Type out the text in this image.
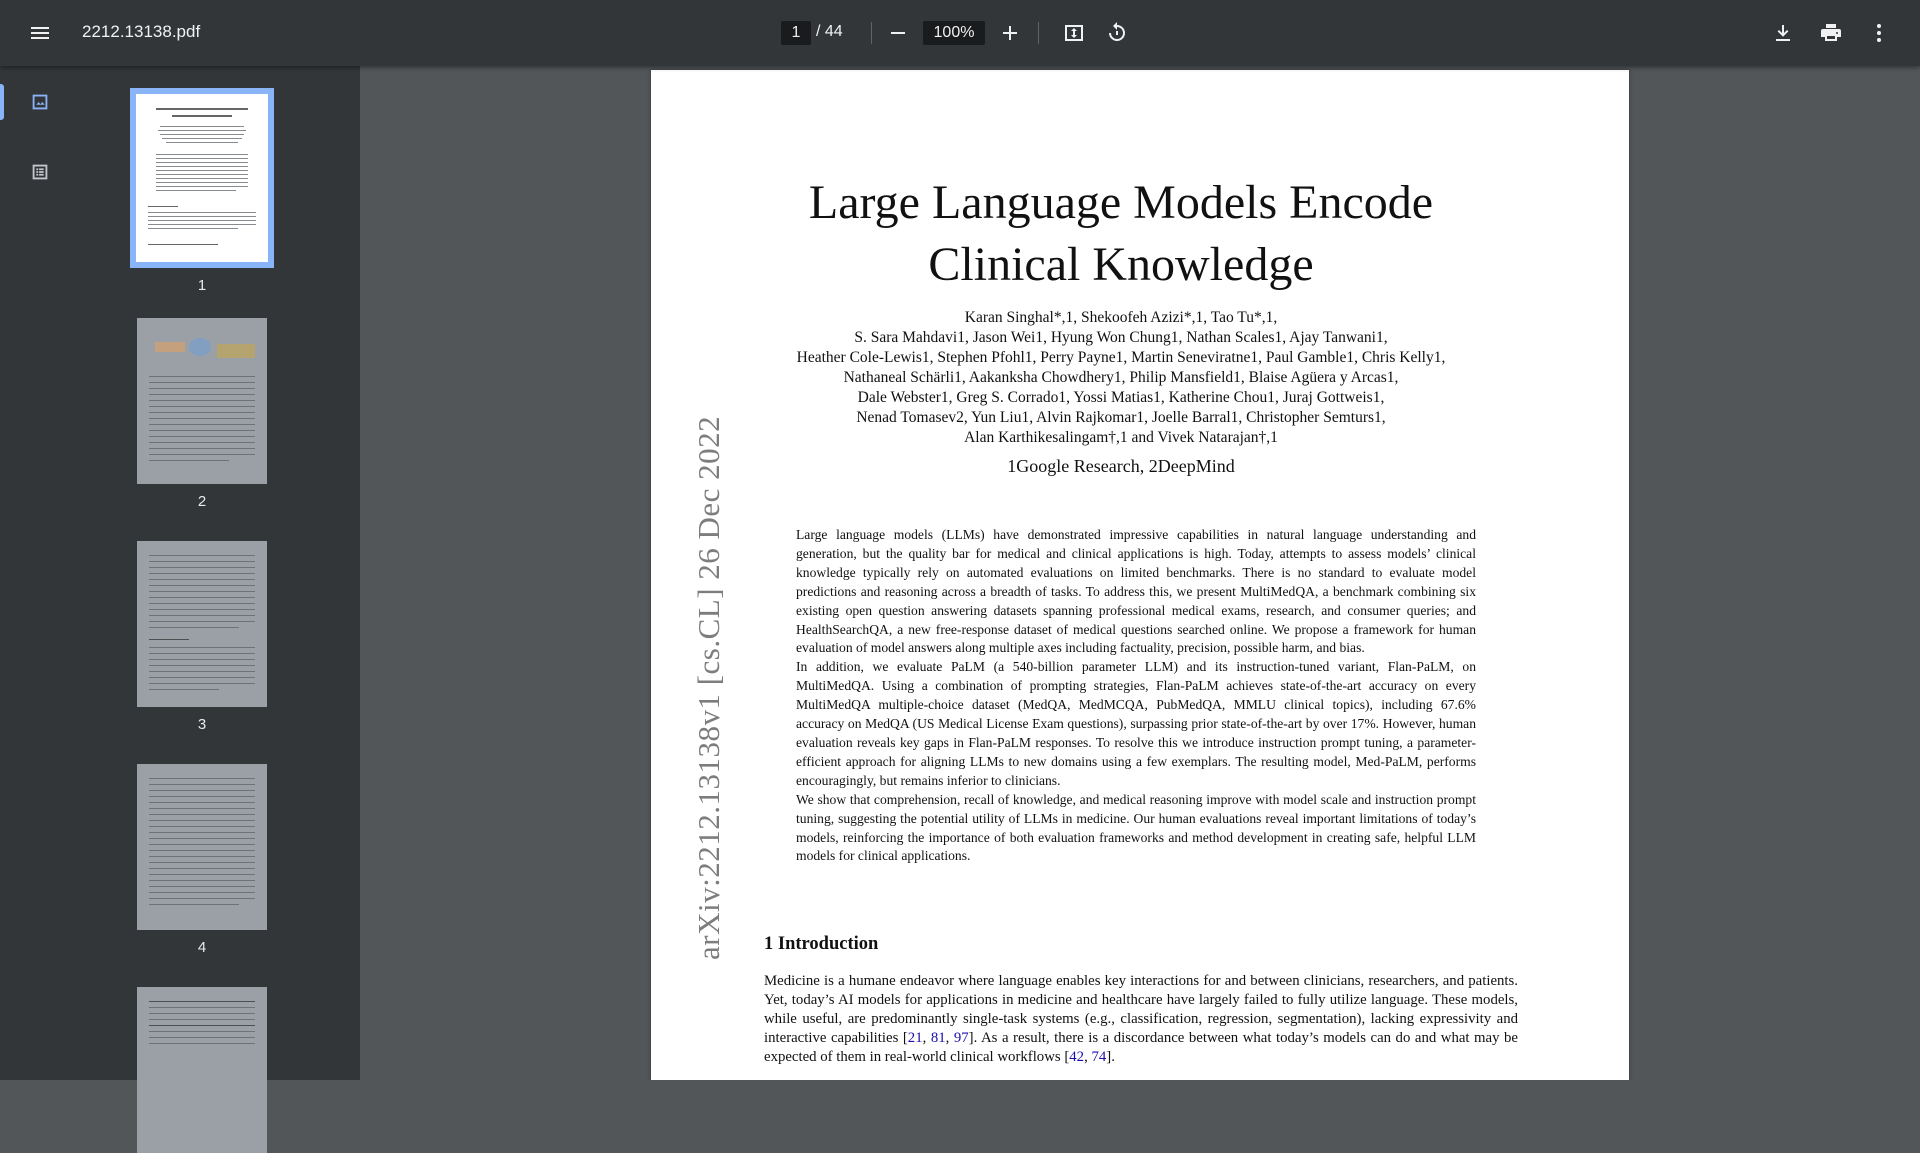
2212.13138.pdf	1 / 44	100%
1
2
3
4	arXiv:2212.13138v1 [cs.CL] 26 Dec 2022
Large Language Models Encode
Clinical Knowledge
Karan Singhal*,1, Shekoofeh Azizi*,1, Tao Tu*,1,
S. Sara Mahdavi1, Jason Wei1, Hyung Won Chung1, Nathan Scales1, Ajay Tanwani1,
Heather Cole-Lewis1, Stephen Pfohl1, Perry Payne1, Martin Seneviratne1, Paul Gamble1, Chris Kelly1,
Nathaneal Schärli1, Aakanksha Chowdhery1, Philip Mansfield1, Blaise Agüera y Arcas1,
Dale Webster1, Greg S. Corrado1, Yossi Matias1, Katherine Chou1, Juraj Gottweis1,
Nenad Tomasev2, Yun Liu1, Alvin Rajkomar1, Joelle Barral1, Christopher Semturs1,
Alan Karthikesalingam†,1 and Vivek Natarajan†,1
1Google Research, 2DeepMind

Large language models (LLMs) have demonstrated impressive capabilities in natural language understanding and generation, but the quality bar for medical and clinical applications is high. Today, attempts to assess models’ clinical knowledge typically rely on automated evaluations on limited benchmarks. There is no standard to evaluate model predictions and reasoning across a breadth of tasks. To address this, we present MultiMedQA, a benchmark combining six existing open question answering datasets spanning professional medical exams, research, and consumer queries; and HealthSearchQA, a new free-response dataset of medical questions searched online. We propose a framework for human evaluation of model answers along multiple axes including factuality, precision, possible harm, and bias.

In addition, we evaluate PaLM (a 540-billion parameter LLM) and its instruction-tuned variant, Flan-PaLM, on MultiMedQA. Using a combination of prompting strategies, Flan-PaLM achieves state-of-the-art accuracy on every MultiMedQA multiple-choice dataset (MedQA, MedMCQA, PubMedQA, MMLU clinical topics), including 67.6% accuracy on MedQA (US Medical License Exam questions), surpassing prior state-of-the-art by over 17%. However, human evaluation reveals key gaps in Flan-PaLM responses. To resolve this we introduce instruction prompt tuning, a parameter-efficient approach for aligning LLMs to new domains using a few exemplars. The resulting model, Med-PaLM, performs encouragingly, but remains inferior to clinicians.

We show that comprehension, recall of knowledge, and medical reasoning improve with model scale and instruction prompt tuning, suggesting the potential utility of LLMs in medicine. Our human evaluations reveal important limitations of today’s models, reinforcing the importance of both evaluation frameworks and method development in creating safe, helpful LLM models for clinical applications.

1 Introduction
Medicine is a humane endeavor where language enables key interactions for and between clinicians, researchers, and patients. Yet, today’s AI models for applications in medicine and healthcare have largely failed to fully utilize language. These models, while useful, are predominantly single-task systems (e.g., classification, regression, segmentation), lacking expressivity and interactive capabilities [21, 81, 97]. As a result, there is a discordance between what today’s models can do and what may be expected of them in real-world clinical workflows [42, 74].
